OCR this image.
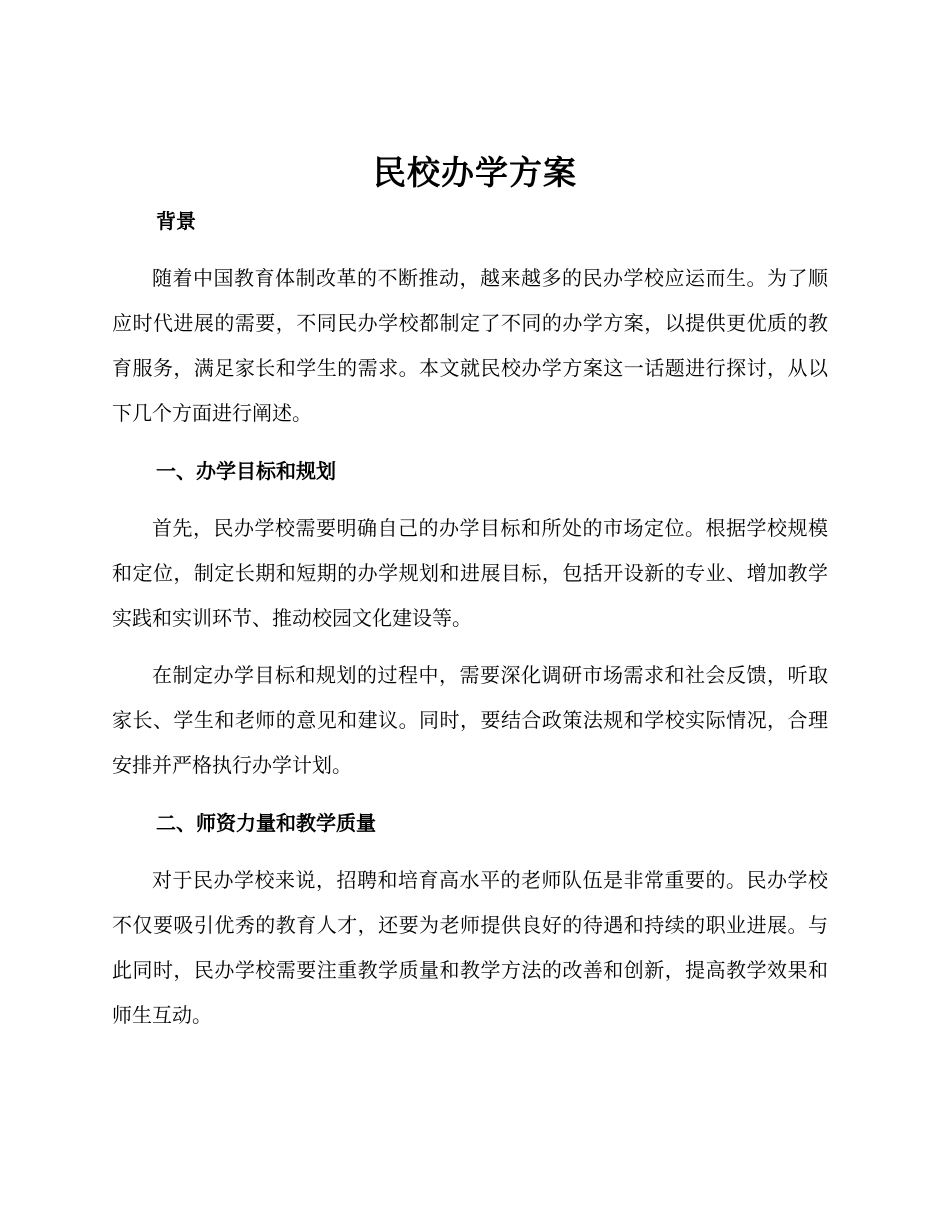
民校办学方案
背景

随着中国教育体制改革的不断推动，越来越多的民办学校应运而生。为了顺应时代进展的需要，不同民办学校都制定了不同的办学方案，以提供更优质的教育服务，满足家长和学生的需求。本文就民校办学方案这一话题进行探讨，从以下几个方面进行阐述。

一、办学目标和规划

首先，民办学校需要明确自己的办学目标和所处的市场定位。根据学校规模和定位，制定长期和短期的办学规划和进展目标，包括开设新的专业、增加教学实践和实训环节、推动校园文化建设等。

在制定办学目标和规划的过程中，需要深化调研市场需求和社会反馈，听取家长、学生和老师的意见和建议。同时，要结合政策法规和学校实际情况，合理安排并严格执行办学计划。

二、师资力量和教学质量

对于民办学校来说，招聘和培育高水平的老师队伍是非常重要的。民办学校不仅要吸引优秀的教育人才，还要为老师提供良好的待遇和持续的职业进展。与此同时，民办学校需要注重教学质量和教学方法的改善和创新，提高教学效果和师生互动。
